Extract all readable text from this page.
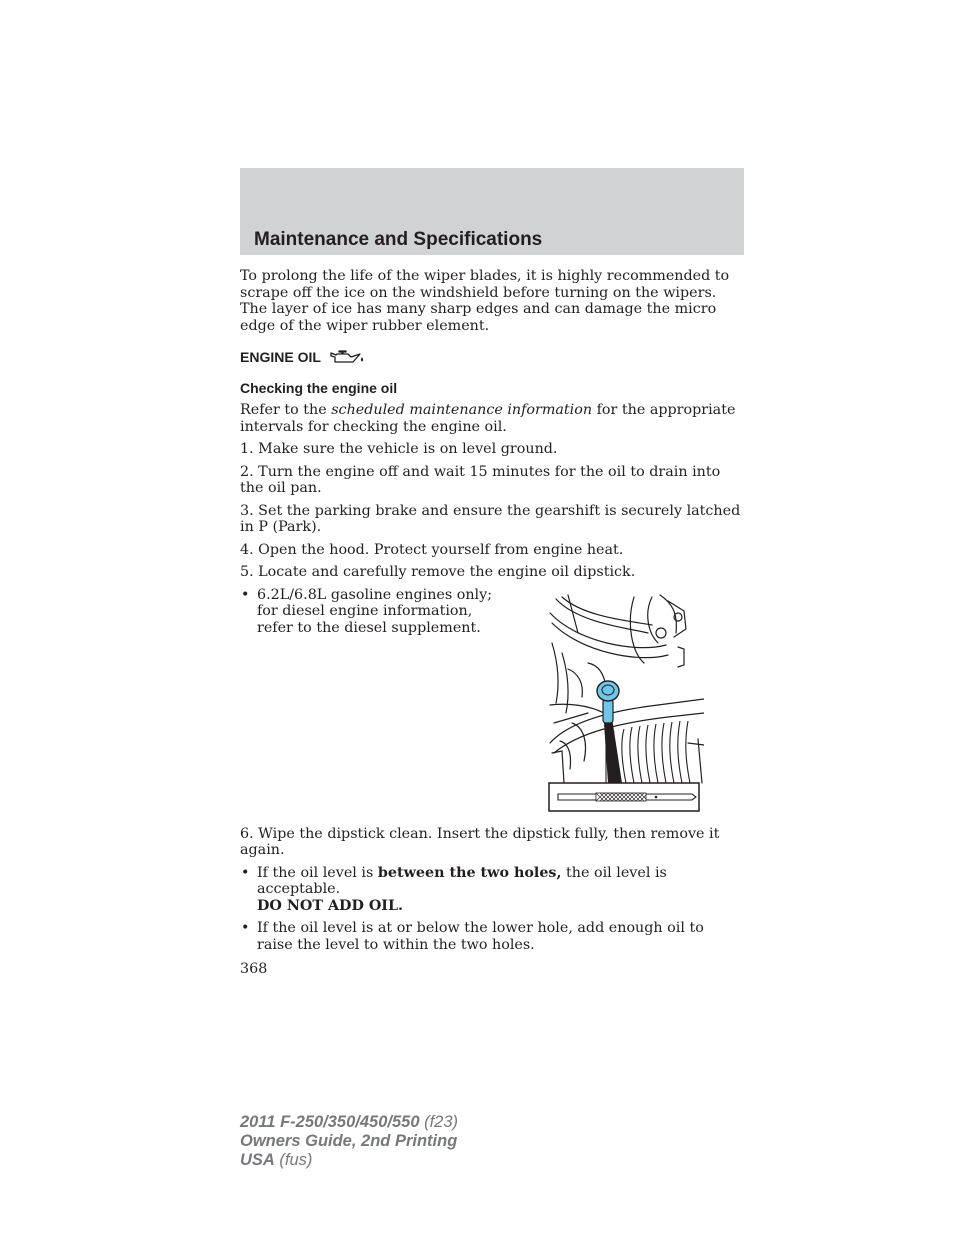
Maintenance and Specifications

To prolong the life of the wiper blades, it is highly recommended to scrape off the ice on the windshield before turning on the wipers. The layer of ice has many sharp edges and can damage the micro edge of the wiper rubber element.

ENGINE OIL
Checking the engine oil

Refer to the scheduled maintenance information for the appropriate intervals for checking the engine oil.

1. Make sure the vehicle is on level ground.

2. Turn the engine off and wait 15 minutes for the oil to drain into the oil pan.

3. Set the parking brake and ensure the gearshift is securely latched in P (Park).

4. Open the hood. Protect yourself from engine heat.

5. Locate and carefully remove the engine oil dipstick.

• 6.2L/6.8L gasoline engines only; for diesel engine information, refer to the diesel supplement.

6. Wipe the dipstick clean. Insert the dipstick fully, then remove it again.

• If the oil level is between the two holes, the oil level is acceptable.
DO NOT ADD OIL.
• If the oil level is at or below the lower hole, add enough oil to raise the level to within the two holes.
368
2011 F-250/350/450/550 (f23)
Owners Guide, 2nd Printing
USA (fus)
